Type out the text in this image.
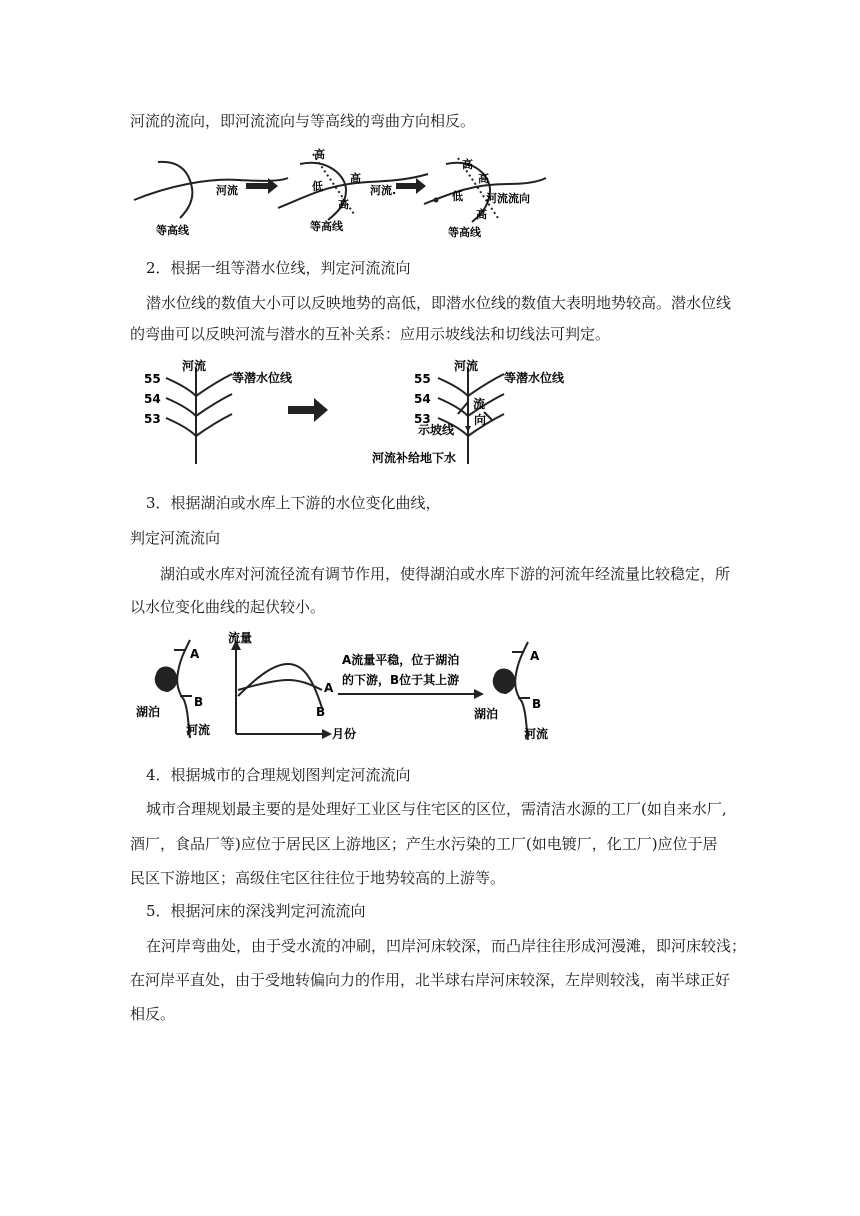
河流的流向，即河流流向与等高线的弯曲方向相反。
等高线
河流
高
低
高
高
河流.
等高线
高
低
高
高
河流流向
等高线
2．根据一组等潜水位线，判定河流流向
潜水位线的数值大小可以反映地势的高低，即潜水位线的数值大表明地势较高。潜水位线
的弯曲可以反映河流与潜水的互补关系：应用示坡线法和切线法可判定。
河流
等潜水位线
55
54
53
河流
等潜水位线
55
54
53
流
向
示坡线
河流补给地下水
3．根据湖泊或水库上下游的水位变化曲线，
判定河流流向
湖泊或水库对河流径流有调节作用，使得湖泊或水库下游的河流年经流量比较稳定，所
以水位变化曲线的起伏较小。
A
B
湖泊
河流
流量
A
B
月份
A流量平稳，位于湖泊
的下游，B位于其上游
A
B
湖泊
河流
4．根据城市的合理规划图判定河流流向
城市合理规划最主要的是处理好工业区与住宅区的区位，需清洁水源的工厂(如自来水厂,
酒厂，食品厂等)应位于居民区上游地区；产生水污染的工厂(如电镀厂，化工厂)应位于居
民区下游地区；高级住宅区往往位于地势较高的上游等。
5．根据河床的深浅判定河流流向
在河岸弯曲处，由于受水流的冲刷，凹岸河床较深，而凸岸往往形成河漫滩，即河床较浅；
在河岸平直处，由于受地转偏向力的作用，北半球右岸河床较深，左岸则较浅，南半球正好
相反。
